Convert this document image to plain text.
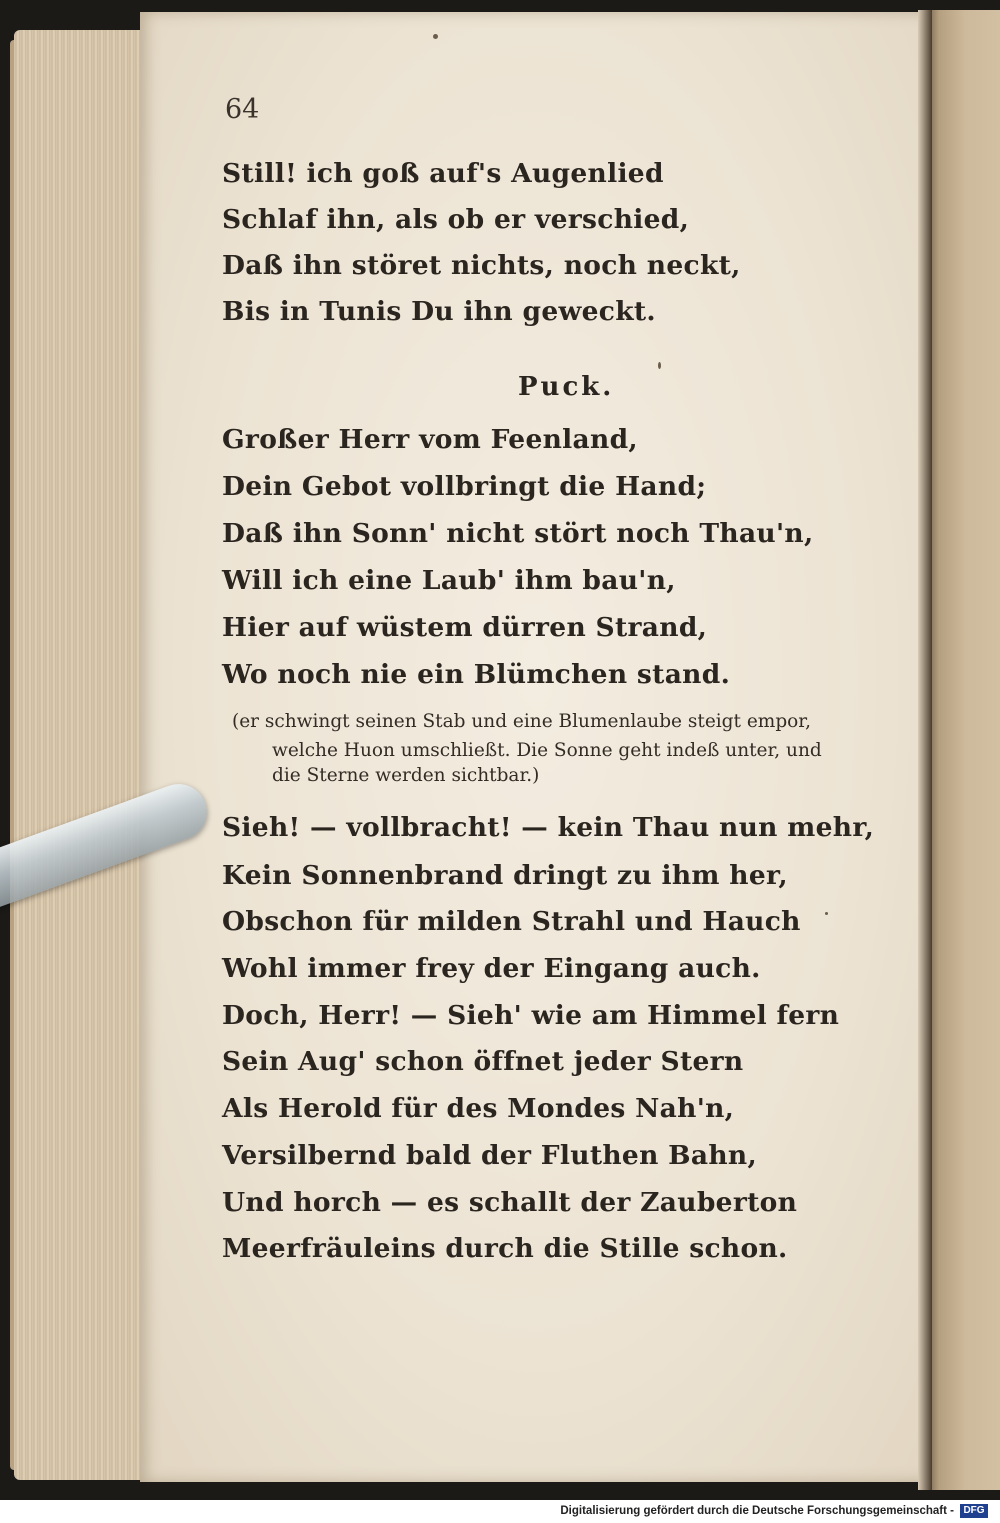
64
Still! ich goß auf's Augenlied
Schlaf ihn, als ob er verschied,
Daß ihn störet nichts, noch neckt,
Bis in Tunis Du ihn geweckt.
Puck.
Großer Herr vom Feenland,
Dein Gebot vollbringt die Hand;
Daß ihn Sonn' nicht stört noch Thau'n,
Will ich eine Laub' ihm bau'n,
Hier auf wüstem dürren Strand,
Wo noch nie ein Blümchen stand.
(er schwingt seinen Stab und eine Blumenlaube steigt empor,
welche Huon umschließt. Die Sonne geht indeß unter, und
die Sterne werden sichtbar.)
Sieh! — vollbracht! — kein Thau nun mehr,
Kein Sonnenbrand dringt zu ihm her,
Obschon für milden Strahl und Hauch
Wohl immer frey der Eingang auch.
Doch, Herr! — Sieh' wie am Himmel fern
Sein Aug' schon öffnet jeder Stern
Als Herold für des Mondes Nah'n,
Versilbernd bald der Fluthen Bahn,
Und horch — es schallt der Zauberton
Meerfräuleins durch die Stille schon.
Digitalisierung gefördert durch die Deutsche Forschungsgemeinschaft - DFG
